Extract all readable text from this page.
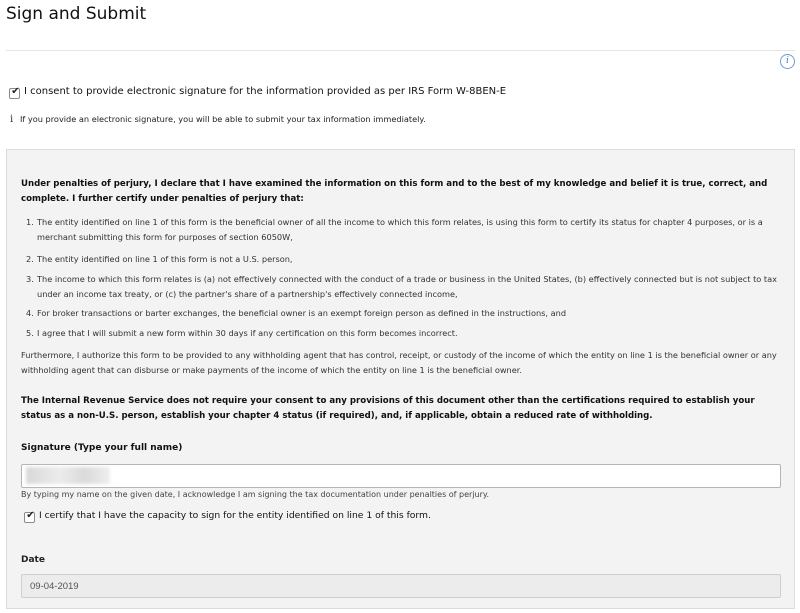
Sign and Submit
i
✔ I consent to provide electronic signature for the information provided as per IRS Form W-8BEN-E
i If you provide an electronic signature, you will be able to submit your tax information immediately.
Under penalties of perjury, I declare that I have examined the information on this form and to the best of my knowledge and belief it is true, correct, and complete. I further certify under penalties of perjury that:
1. The entity identified on line 1 of this form is the beneficial owner of all the income to which this form relates, is using this form to certify its status for chapter 4 purposes, or is a merchant submitting this form for purposes of section 6050W,
2. The entity identified on line 1 of this form is not a U.S. person,
3. The income to which this form relates is (a) not effectively connected with the conduct of a trade or business in the United States, (b) effectively connected but is not subject to tax under an income tax treaty, or (c) the partner's share of a partnership's effectively connected income,
4. For broker transactions or barter exchanges, the beneficial owner is an exempt foreign person as defined in the instructions, and
5. I agree that I will submit a new form within 30 days if any certification on this form becomes incorrect.
Furthermore, I authorize this form to be provided to any withholding agent that has control, receipt, or custody of the income of which the entity on line 1 is the beneficial owner or any withholding agent that can disburse or make payments of the income of which the entity on line 1 is the beneficial owner.
The Internal Revenue Service does not require your consent to any provisions of this document other than the certifications required to establish your status as a non-U.S. person, establish your chapter 4 status (if required), and, if applicable, obtain a reduced rate of withholding.
Signature (Type your full name)
By typing my name on the given date, I acknowledge I am signing the tax documentation under penalties of perjury.
✔ I certify that I have the capacity to sign for the entity identified on line 1 of this form.
Date
09-04-2019
